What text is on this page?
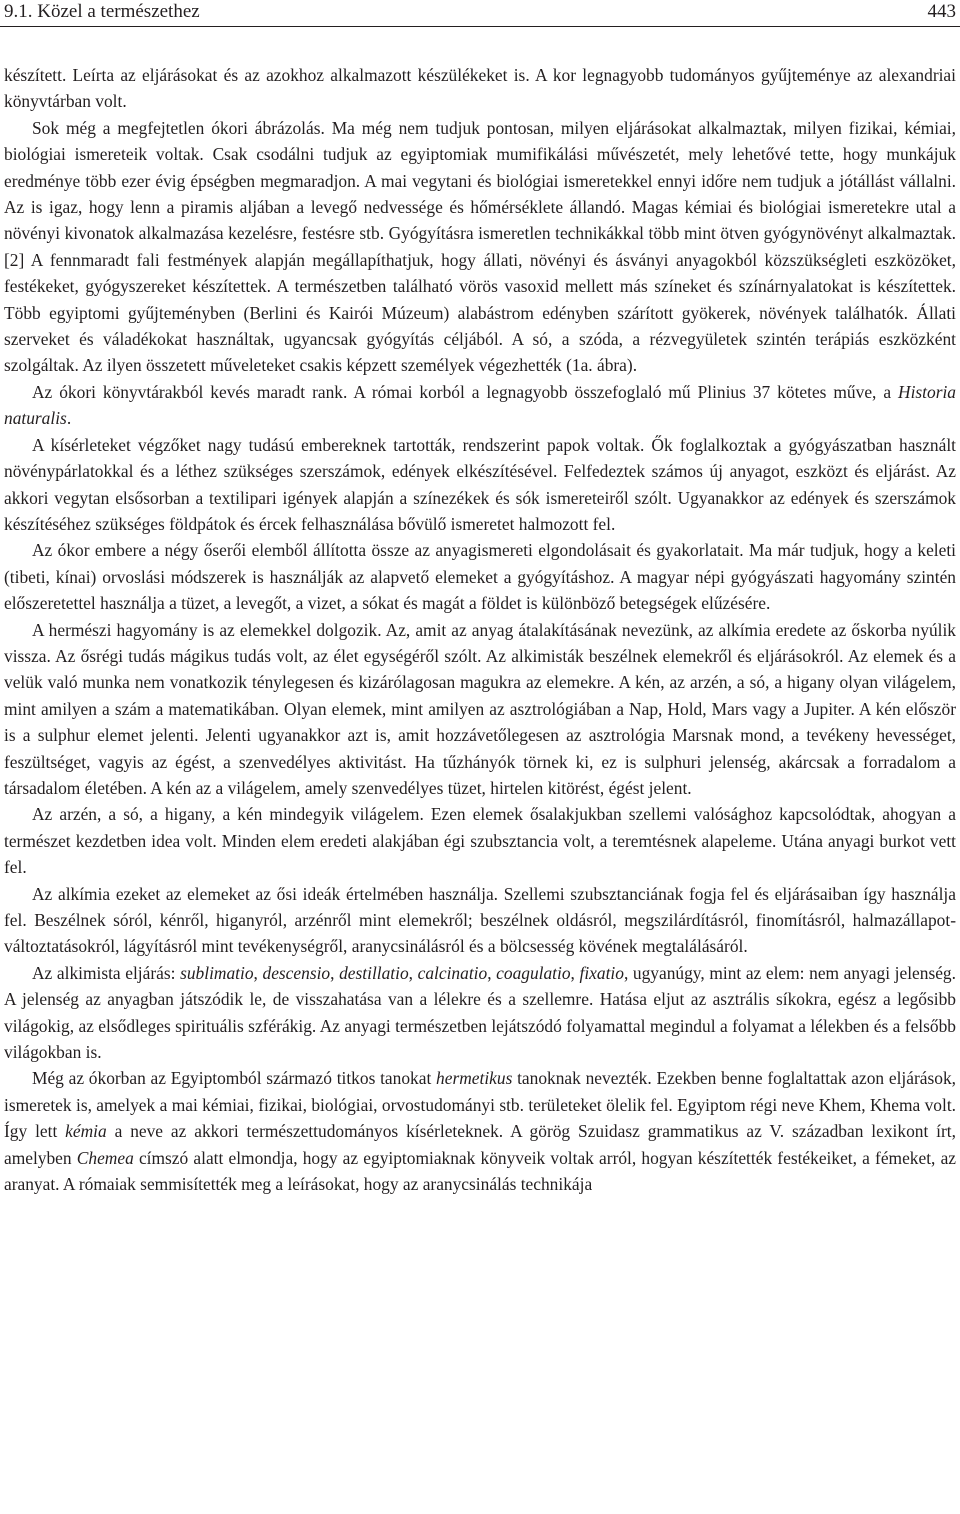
9.1. Közel a természethez	443

készített. Leírta az eljárásokat és az azokhoz alkalmazott készülékeket is. A kor legnagyobb tudományos gyűjteménye az alexandriai könyvtárban volt.

Sok még a megfejtetlen ókori ábrázolás. Ma még nem tudjuk pontosan, milyen eljárásokat alkalmaztak, milyen fizikai, kémiai, biológiai ismereteik voltak. Csak csodálni tudjuk az egyiptomiak mumifikálási művészetét, mely lehetővé tette, hogy munkájuk eredménye több ezer évig épségben megmaradjon. A mai vegytani és biológiai ismeretekkel ennyi időre nem tudjuk a jótállást vállalni. Az is igaz, hogy lenn a piramis aljában a levegő nedvessége és hőmérséklete állandó. Magas kémiai és biológiai ismeretekre utal a növényi kivonatok alkalmazása kezelésre, festésre stb. Gyógyításra ismeretlen technikákkal több mint ötven gyógynövényt alkalmaztak. [2] A fennmaradt fali festmények alapján megállapíthatjuk, hogy állati, növényi és ásványi anyagokból közszükségleti eszközöket, festékeket, gyógyszereket készítettek. A természetben található vörös vasoxid mellett más színeket és színárnyalatokat is készítettek. Több egyiptomi gyűjteményben (Berlini és Kairói Múzeum) alabástrom edényben szárított gyökerek, növények találhatók. Állati szerveket és váladékokat használtak, ugyancsak gyógyítás céljából. A só, a szóda, a rézvegyületek szintén terápiás eszközként szolgáltak. Az ilyen összetett műveleteket csakis képzett személyek végezhették (1a. ábra).

Az ókori könyvtárakból kevés maradt rank. A római korból a legnagyobb összefoglaló mű Plinius 37 kötetes műve, a Historia naturalis.

A kísérleteket végzőket nagy tudású embereknek tartották, rendszerint papok voltak. Ők foglalkoztak a gyógyászatban használt növénypárlatokkal és a léthez szükséges szerszámok, edények elkészítésével. Felfedeztek számos új anyagot, eszközt és eljárást. Az akkori vegytan elsősorban a textilipari igények alapján a színezékek és sók ismereteiről szólt. Ugyanakkor az edények és szerszámok készítéséhez szükséges földpátok és ércek felhasználása bővülő ismeretet halmozott fel.

Az ókor embere a négy őserői elemből állította össze az anyagismereti elgondolásait és gyakorlatait. Ma már tudjuk, hogy a keleti (tibeti, kínai) orvoslási módszerek is használják az alapvető elemeket a gyógyításhoz. A magyar népi gyógyászati hagyomány szintén előszeretettel használja a tüzet, a levegőt, a vizet, a sókat és magát a földet is különböző betegségek elűzésére.

A hermészi hagyomány is az elemekkel dolgozik. Az, amit az anyag átalakításának nevezünk, az alkímia eredete az őskorba nyúlik vissza. Az ősrégi tudás mágikus tudás volt, az élet egységéről szólt. Az alkimisták beszélnek elemekről és eljárásokról. Az elemek és a velük való munka nem vonatkozik ténylegesen és kizárólagosan magukra az elemekre. A kén, az arzén, a só, a higany olyan világelem, mint amilyen a szám a matematikában. Olyan elemek, mint amilyen az asztrológiában a Nap, Hold, Mars vagy a Jupiter. A kén először is a sulphur elemet jelenti. Jelenti ugyanakkor azt is, amit hozzávetőlegesen az asztrológia Marsnak mond, a tevékeny hevességet, feszültséget, vagyis az égést, a szenvedélyes aktivitást. Ha tűzhányók törnek ki, ez is sulphuri jelenség, akárcsak a forradalom a társadalom életében. A kén az a világelem, amely szenvedélyes tüzet, hirtelen kitörést, égést jelent.

Az arzén, a só, a higany, a kén mindegyik világelem. Ezen elemek ősalakjukban szellemi valósághoz kapcsolódtak, ahogyan a természet kezdetben idea volt. Minden elem eredeti alakjában égi szubsztancia volt, a teremtésnek alapeleme. Utána anyagi burkot vett fel.

Az alkímia ezeket az elemeket az ősi ideák értelmében használja. Szellemi szubsztanciának fogja fel és eljárásaiban így használja fel. Beszélnek sóról, kénről, higanyról, arzénről mint elemekről; beszélnek oldásról, megszilárdításról, finomításról, halmazállapot-változtatásokról, lágyításról mint tevékenységről, aranycsinálásról és a bölcsesség kövének megtalálásáról.

Az alkimista eljárás: sublimatio, descensio, destillatio, calcinatio, coagulatio, fixatio, ugyanúgy, mint az elem: nem anyagi jelenség. A jelenség az anyagban játszódik le, de visszahatása van a lélekre és a szellemre. Hatása eljut az asztrális síkokra, egész a legősibb világokig, az elsődleges spirituális szférákig. Az anyagi természetben lejátszódó folyamattal megindul a folyamat a lélekben és a felsőbb világokban is.

Még az ókorban az Egyiptomból származó titkos tanokat hermetikus tanoknak nevezték. Ezekben benne foglaltattak azon eljárások, ismeretek is, amelyek a mai kémiai, fizikai, biológiai, orvostudományi stb. területeket ölelik fel. Egyiptom régi neve Khem, Khema volt. Így lett kémia a neve az akkori természettudományos kísérleteknek. A görög Szuidasz grammatikus az V. században lexikont írt, amelyben Chemea címszó alatt elmondja, hogy az egyiptomiaknak könyveik voltak arról, hogyan készítették festékeiket, a fémeket, az aranyat. A rómaiak semmisítették meg a leírásokat, hogy az aranycsinálás technikája
